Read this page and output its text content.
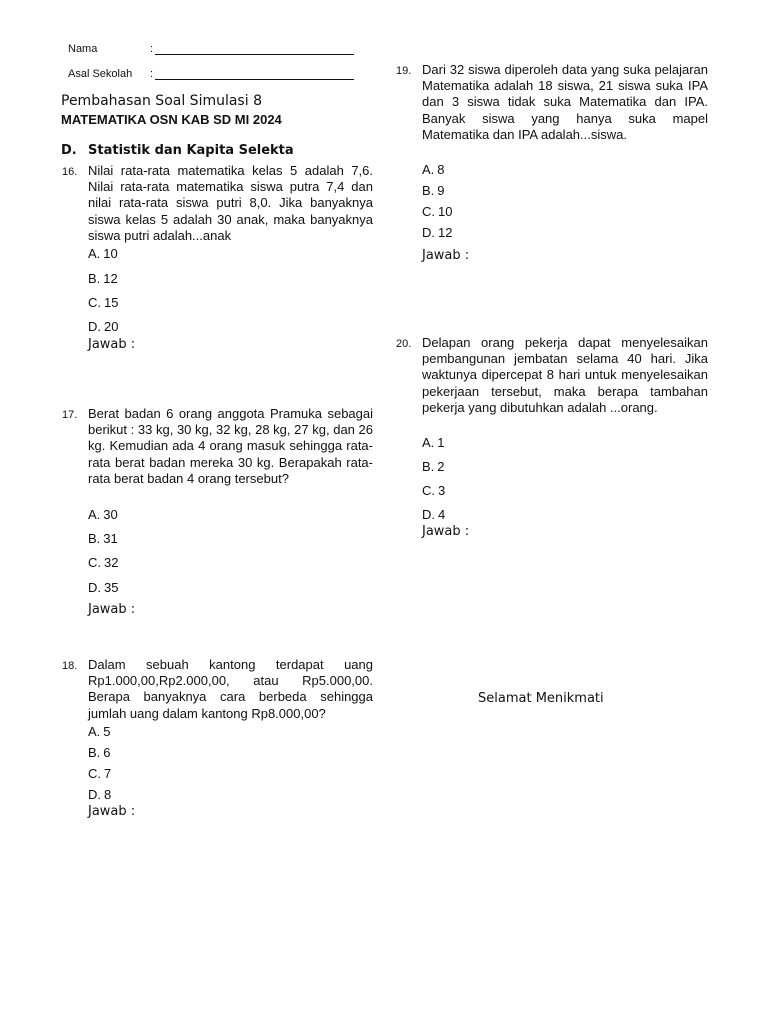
Nama	:
Asal Sekolah :
Pembahasan Soal Simulasi 8
MATEMATIKA OSN KAB SD MI 2024
D. Statistik dan Kapita Selekta
16. Nilai rata-rata matematika kelas 5 adalah 7,6. Nilai rata-rata matematika siswa putra 7,4 dan nilai rata-rata siswa putri 8,0. Jika banyaknya siswa kelas 5 adalah 30 anak, maka banyaknya siswa putri adalah...anak

A. 10
B. 12
C. 15
D. 20
Jawab :
17. Berat badan 6 orang anggota Pramuka sebagai berikut : 33 kg, 30 kg, 32 kg, 28 kg, 27 kg, dan 26 kg. Kemudian ada 4 orang masuk sehingga rata-rata berat badan mereka 30 kg. Berapakah rata-rata berat badan 4 orang tersebut?

A. 30
B. 31
C. 32
D. 35
Jawab :
18. Dalam sebuah kantong terdapat uang Rp1.000,00,Rp2.000,00, atau Rp5.000,00. Berapa banyaknya cara berbeda sehingga jumlah uang dalam kantong Rp8.000,00?

A. 5
B. 6
C. 7
D. 8
Jawab :
19. Dari 32 siswa diperoleh data yang suka pelajaran Matematika adalah 18 siswa, 21 siswa suka IPA dan 3 siswa tidak suka Matematika dan IPA. Banyak siswa yang hanya suka mapel Matematika dan IPA adalah...siswa.

A. 8
B. 9
C. 10
D. 12
Jawab :
20. Delapan orang pekerja dapat menyelesaikan pembangunan jembatan selama 40 hari. Jika waktunya dipercepat 8 hari untuk menyelesaikan pekerjaan tersebut, maka berapa tambahan pekerja yang dibutuhkan adalah ...orang.

A. 1
B. 2
C. 3
D. 4
Jawab :
Selamat Menikmati
